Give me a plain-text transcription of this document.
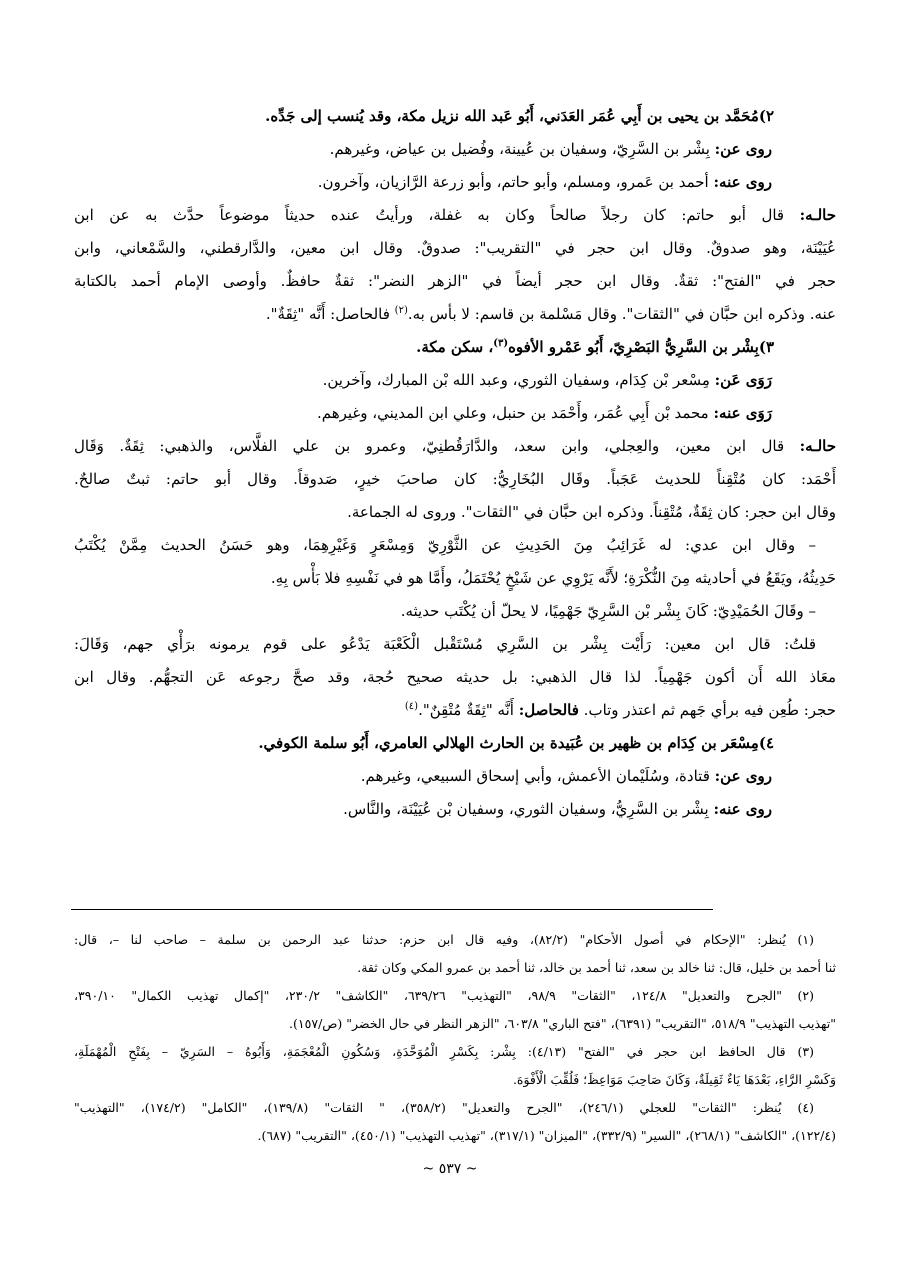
٢)مُحَمَّد بن يحيى بن أَبِي عُمَر العَدَني، أَبُو عَبد الله نزيل مكة، وقد يُنسب إلى جَدِّه.
روى عن: بِشْر بن السَّرِيّ، وسفيان بن عُيينة، وفُضيل بن عياض، وغيرهم.
روى عنه: أحمد بن عَمرو، ومسلم، وأبو حاتم، وأبو زرعة الرَّازيان، وآخرون.
حالـه: قال أبو حاتم: كان رجلاً صالحاً وكان به غفلة، ورأيتُ عنده حديثاً موضوعاً حدَّث به عن ابن
عُيَيْنَة، وهو صدوقٌ. وقال ابن حجر في "التقريب": صدوقٌ. وقال ابن معين، والدَّارقطني، والسَّمْعاني، وابن
حجر في "الفتح": ثقةٌ. وقال ابن حجر أيضاً في "الزهر النضر": ثقةٌ حافظٌ. وأوصى الإمام أحمد بالكتابة
عنه. وذكره ابن حبَّان في "الثقات". وقال مَسْلمة بن قاسم: لا بأس به.$^{(٢)}$ فالحاصل: أَنَّه "ثِقَةٌ".
٣)بِشْر بن السَّرِيُّ البَصْرِيّ، أَبُو عَمْرو الأفوه$^{(٣)}$، سكن مكة.
رَوَى عَن: مِسْعر بْن كِدَام، وسفيان الثوري، وعبد الله بْن المبارك، وآخرين.
رَوَى عنه: محمد بْن أَبِي عُمَر، وأَحْمَد بن حنبل، وعلي ابن المديني، وغيرهم.
حالـه: قال ابن معين، والعِجلي، وابن سعد، والدَّارَقُطنِيّ، وعمرو بن علي الفلَّاس، والذهبي: ثِقَةٌ. وَقَال
أَحْمَد: كان مُتْقِناً للحديث عَجَباً. وقَال البُخَارِيُّ: كان صاحبَ خيرٍ، صَدوقاً. وقال أبو حاتم: ثبتٌ صالحٌ.
وقال ابن حجر: كان ثِقَةٌ، مُتْقِناً. وذكره ابن حبَّان في "الثقات". وروى له الجماعة.
– وقال ابن عدي: له غَرَائِبُ مِنَ الحَدِيثِ عن الثَّوْرِيّ وَمِسْعَرٍ وَغَيْرِهِمَا، وهو حَسَنُ الحديث مِمَّنْ يُكْتَبُ
حَدِيثُهُ، ويَقَعُ في أحاديثه مِنَ النُّكْرَةِ؛ لأَنَّه يَرْوِي عن شَيْخٍ يُحْتَمَلُ، وأَمَّا هو في نَفْسِهِ فلا بَأْس بِهِ.
– وقَالَ الحُمَيْدِيّ: كَانَ بِشْر بْن السَّرِيّ جَهْمِيًا، لا يحلّ أن يُكْتَب حديثه.
قلتُ: قال ابن معين: رَأَيْت بِشْر بن السَّرِي مُسْتَقْبل الْكَعْبَة يَدْعُو على قوم يرمونه برَأْي جهم، وَقَالَ:
معَاذ الله أَن أكون جَهْمِياً. لذا قال الذهبي: بل حديثه صحيح حُجة، وقد صحَّ رجوعه عَن التجهُّم. وقال ابن
حجر: طُعِن فيه برأي جَهم ثم اعتذر وتاب. فالحاصل: أَنَّه "ثِقَةٌ مُتْقِنٌ".$^{(٤)}$
٤)مِسْعَر بن كِدَام بن ظهير بن عُبَيدة بن الحارث الهلالي العامري، أَبُو سلمة الكوفي.
روى عن: قتادة، وسُلَيْمان الأعمش، وأبي إسحاق السبيعي، وغيرهم.
روى عنه: بِشْر بن السَّرِيُّ، وسفيان الثوري، وسفيان بْن عُيَيْنَة، والنَّاس.
(١) يُنظر: "الإحكام في أصول الأحكام" (٨٢/٢)، وفيه قال ابن حزم: حدثنا عبد الرحمن بن سلمة – صاحب لنا –، قال:
ثنا أحمد بن خليل، قال: ثنا خالد بن سعد، ثنا أحمد بن خالد، ثنا أحمد بن عمرو المكي وكان ثقة.
(٢) "الجرح والتعديل" ١٢٤/٨، "الثقات" ٩٨/٩، "التهذيب" ٦٣٩/٢٦، "الكاشف" ٢٣٠/٢، "إكمال تهذيب الكمال" ٣٩٠/١٠،
"تهذيب التهذيب" ٥١٨/٩، "التقريب" (٦٣٩١)، "فتح الباري" ٦٠٣/٨، "الزهر النظر في حال الخضر" (ص/١٥٧).
(٣) قال الحافظ ابن حجر في "الفتح" (٤/١٣): بِشْر: بِكَسْرِ الْمُوَحَّدَةِ، وَسُكُونِ الْمُعْجَمَةِ، وَأَبُوهُ – السَرِيّ – بِفَتْحِ الْمُهْمَلَةِ،
وَكَسْرِ الرَّاءِ، بَعْدَهَا يَاءٌ ثَقِيلَةٌ، وَكَانَ صَاحِبَ مَوَاعِظَ؛ فَلُقِّبَ الْأَفْوَهَ.
(٤) يُنظر: "الثقات" للعجلي (٢٤٦/١)، "الجرح والتعديل" (٣٥٨/٢)، " الثقات" (١٣٩/٨)، "الكامل" (١٧٤/٢)، "التهذيب"
(١٢٢/٤)، "الكاشف" (٢٦٨/١)، "السير" (٣٣٢/٩)، "الميزان" (٣١٧/١)، "تهذيب التهذيب" (٤٥٠/١)، "التقريب" (٦٨٧).
~ ٥٣٧ ~
